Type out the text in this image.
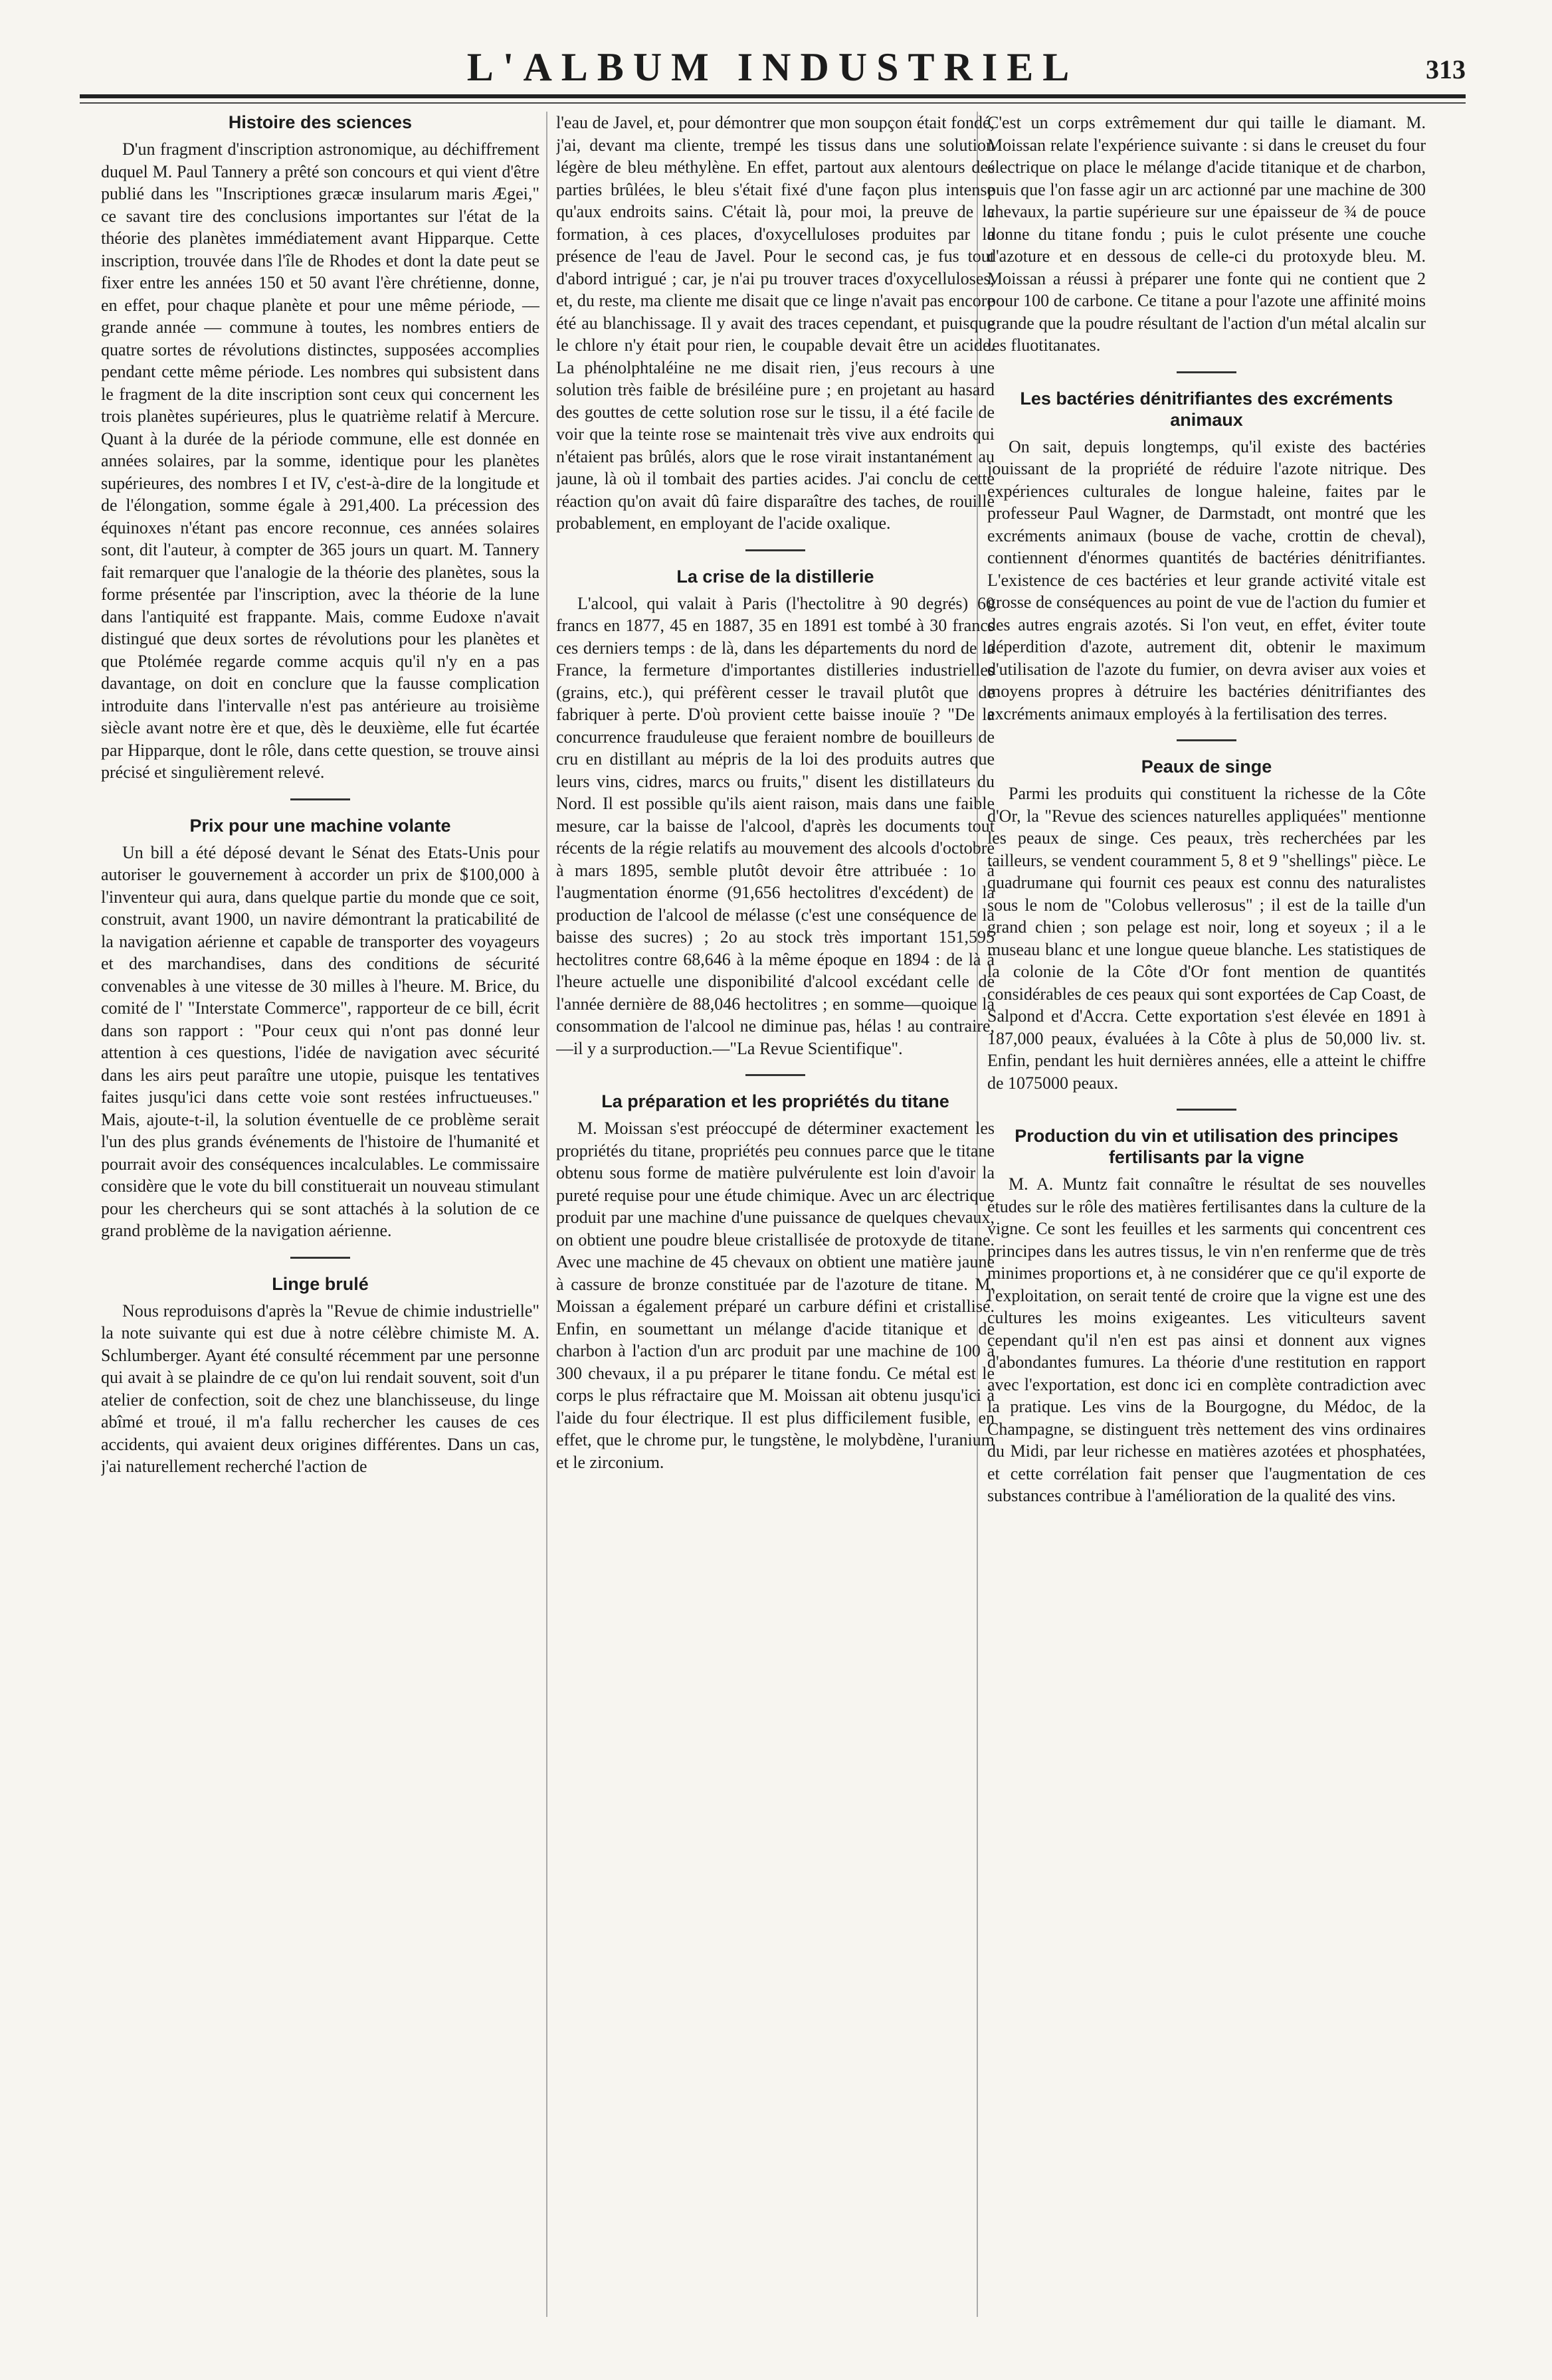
L'ALBUM INDUSTRIEL	313
Histoire des sciences

D'un fragment d'inscription astronomique, au déchiffrement duquel M. Paul Tannery a prêté son concours et qui vient d'être publié dans les "Inscriptiones græcæ insularum maris Ægei," ce savant tire des conclusions importantes sur l'état de la théorie des planètes immédiatement avant Hipparque. Cette inscription, trouvée dans l'île de Rhodes et dont la date peut se fixer entre les années 150 et 50 avant l'ère chrétienne, donne, en effet, pour chaque planète et pour une même période, — grande année — commune à toutes, les nombres entiers de quatre sortes de révolutions distinctes, supposées accomplies pendant cette même période. Les nombres qui subsistent dans le fragment de la dite inscription sont ceux qui concernent les trois planètes supérieures, plus le quatrième relatif à Mercure. Quant à la durée de la période commune, elle est donnée en années solaires, par la somme, identique pour les planètes supérieures, des nombres I et IV, c'est-à-dire de la longitude et de l'élongation, somme égale à 291,400. La précession des équinoxes n'étant pas encore reconnue, ces années solaires sont, dit l'auteur, à compter de 365 jours un quart. M. Tannery fait remarquer que l'analogie de la théorie des planètes, sous la forme présentée par l'inscription, avec la théorie de la lune dans l'antiquité est frappante. Mais, comme Eudoxe n'avait distingué que deux sortes de révolutions pour les planètes et que Ptolémée regarde comme acquis qu'il n'y en a pas davantage, on doit en conclure que la fausse complication introduite dans l'intervalle n'est pas antérieure au troisième siècle avant notre ère et que, dès le deuxième, elle fut écartée par Hipparque, dont le rôle, dans cette question, se trouve ainsi précisé et singulièrement relevé.

Prix pour une machine volante

Un bill a été déposé devant le Sénat des Etats-Unis pour autoriser le gouvernement à accorder un prix de $100,000 à l'inventeur qui aura, dans quelque partie du monde que ce soit, construit, avant 1900, un navire démontrant la praticabilité de la navigation aérienne et capable de transporter des voyageurs et des marchandises, dans des conditions de sécurité convenables à une vitesse de 30 milles à l'heure. M. Brice, du comité de l' "Interstate Commerce", rapporteur de ce bill, écrit dans son rapport : "Pour ceux qui n'ont pas donné leur attention à ces questions, l'idée de navigation avec sécurité dans les airs peut paraître une utopie, puisque les tentatives faites jusqu'ici dans cette voie sont restées infructueuses." Mais, ajoute-t-il, la solution éventuelle de ce problème serait l'un des plus grands événements de l'histoire de l'humanité et pourrait avoir des conséquences incalculables. Le commissaire considère que le vote du bill constituerait un nouveau stimulant pour les chercheurs qui se sont attachés à la solution de ce grand problème de la navigation aérienne.

Linge brulé

Nous reproduisons d'après la "Revue de chimie industrielle" la note suivante qui est due à notre célèbre chimiste M. A. Schlumberger. Ayant été consulté récemment par une personne qui avait à se plaindre de ce qu'on lui rendait souvent, soit d'un atelier de confection, soit de chez une blanchisseuse, du linge abîmé et troué, il m'a fallu rechercher les causes de ces accidents, qui avaient deux origines différentes. Dans un cas, j'ai naturellement recherché l'action de

l'eau de Javel, et, pour démontrer que mon soupçon était fondé, j'ai, devant ma cliente, trempé les tissus dans une solution légère de bleu méthylène. En effet, partout aux alentours des parties brûlées, le bleu s'était fixé d'une façon plus intense qu'aux endroits sains. C'était là, pour moi, la preuve de la formation, à ces places, d'oxycelluloses produites par la présence de l'eau de Javel. Pour le second cas, je fus tout d'abord intrigué ; car, je n'ai pu trouver traces d'oxycelluloses, et, du reste, ma cliente me disait que ce linge n'avait pas encore été au blanchissage. Il y avait des traces cependant, et puisque le chlore n'y était pour rien, le coupable devait être un acide. La phénolphtaléine ne me disait rien, j'eus recours à une solution très faible de brésiléine pure ; en projetant au hasard des gouttes de cette solution rose sur le tissu, il a été facile de voir que la teinte rose se maintenait très vive aux endroits qui n'étaient pas brûlés, alors que le rose virait instantanément au jaune, là où il tombait des parties acides. J'ai conclu de cette réaction qu'on avait dû faire disparaître des taches, de rouille probablement, en employant de l'acide oxalique.

La crise de la distillerie

L'alcool, qui valait à Paris (l'hectolitre à 90 degrés) 60 francs en 1877, 45 en 1887, 35 en 1891 est tombé à 30 francs ces derniers temps : de là, dans les départements du nord de la France, la fermeture d'importantes distilleries industrielles (grains, etc.), qui préfèrent cesser le travail plutôt que de fabriquer à perte. D'où provient cette baisse inouïe ? "De la concurrence frauduleuse que feraient nombre de bouilleurs de cru en distillant au mépris de la loi des produits autres que leurs vins, cidres, marcs ou fruits," disent les distillateurs du Nord. Il est possible qu'ils aient raison, mais dans une faible mesure, car la baisse de l'alcool, d'après les documents tout récents de la régie relatifs au mouvement des alcools d'octobre à mars 1895, semble plutôt devoir être attribuée : 1o à l'augmentation énorme (91,656 hectolitres d'excédent) de la production de l'alcool de mélasse (c'est une conséquence de la baisse des sucres) ; 2o au stock très important 151,595 hectolitres contre 68,646 à la même époque en 1894 : de là à l'heure actuelle une disponibilité d'alcool excédant celle de l'année dernière de 88,046 hectolitres ; en somme—quoique la consommation de l'alcool ne diminue pas, hélas ! au contraire,—il y a surproduction.—"La Revue Scientifique".

La préparation et les propriétés du titane

M. Moissan s'est préoccupé de déterminer exactement les propriétés du titane, propriétés peu connues parce que le titane obtenu sous forme de matière pulvérulente est loin d'avoir la pureté requise pour une étude chimique. Avec un arc électrique produit par une machine d'une puissance de quelques chevaux, on obtient une poudre bleue cristallisée de protoxyde de titane. Avec une machine de 45 chevaux on obtient une matière jaune à cassure de bronze constituée par de l'azoture de titane. M. Moissan a également préparé un carbure défini et cristallisé. Enfin, en soumettant un mélange d'acide titanique et de charbon à l'action d'un arc produit par une machine de 100 à 300 chevaux, il a pu préparer le titane fondu. Ce métal est le corps le plus réfractaire que M. Moissan ait obtenu jusqu'ici à l'aide du four électrique. Il est plus difficilement fusible, en effet, que le chrome pur, le tungstène, le molybdène, l'uranium et le zirconium.

C'est un corps extrêmement dur qui taille le diamant. M. Moissan relate l'expérience suivante : si dans le creuset du four électrique on place le mélange d'acide titanique et de charbon, puis que l'on fasse agir un arc actionné par une machine de 300 chevaux, la partie supérieure sur une épaisseur de ¾ de pouce donne du titane fondu ; puis le culot présente une couche d'azoture et en dessous de celle-ci du protoxyde bleu. M. Moissan a réussi à préparer une fonte qui ne contient que 2 pour 100 de carbone. Ce titane a pour l'azote une affinité moins grande que la poudre résultant de l'action d'un métal alcalin sur les fluotitanates.

Les bactéries dénitrifiantes des excréments animaux

On sait, depuis longtemps, qu'il existe des bactéries jouissant de la propriété de réduire l'azote nitrique. Des expériences culturales de longue haleine, faites par le professeur Paul Wagner, de Darmstadt, ont montré que les excréments animaux (bouse de vache, crottin de cheval), contiennent d'énormes quantités de bactéries dénitrifiantes. L'existence de ces bactéries et leur grande activité vitale est grosse de conséquences au point de vue de l'action du fumier et des autres engrais azotés. Si l'on veut, en effet, éviter toute déperdition d'azote, autrement dit, obtenir le maximum d'utilisation de l'azote du fumier, on devra aviser aux voies et moyens propres à détruire les bactéries dénitrifiantes des excréments animaux employés à la fertilisation des terres.

Peaux de singe

Parmi les produits qui constituent la richesse de la Côte d'Or, la "Revue des sciences naturelles appliquées" mentionne les peaux de singe. Ces peaux, très recherchées par les tailleurs, se vendent couramment 5, 8 et 9 "shellings" pièce. Le quadrumane qui fournit ces peaux est connu des naturalistes sous le nom de "Colobus vellerosus" ; il est de la taille d'un grand chien ; son pelage est noir, long et soyeux ; il a le museau blanc et une longue queue blanche. Les statistiques de la colonie de la Côte d'Or font mention de quantités considérables de ces peaux qui sont exportées de Cap Coast, de Salpond et d'Accra. Cette exportation s'est élevée en 1891 à 187,000 peaux, évaluées à la Côte à plus de 50,000 liv. st. Enfin, pendant les huit dernières années, elle a atteint le chiffre de 1075000 peaux.

Production du vin et utilisation des principes fertilisants par la vigne

M. A. Muntz fait connaître le résultat de ses nouvelles études sur le rôle des matières fertilisantes dans la culture de la vigne. Ce sont les feuilles et les sarments qui concentrent ces principes dans les autres tissus, le vin n'en renferme que de très minimes proportions et, à ne considérer que ce qu'il exporte de l'exploitation, on serait tenté de croire que la vigne est une des cultures les moins exigeantes. Les viticulteurs savent cependant qu'il n'en est pas ainsi et donnent aux vignes d'abondantes fumures. La théorie d'une restitution en rapport avec l'exportation, est donc ici en complète contradiction avec la pratique. Les vins de la Bourgogne, du Médoc, de la Champagne, se distinguent très nettement des vins ordinaires du Midi, par leur richesse en matières azotées et phosphatées, et cette corrélation fait penser que l'augmentation de ces substances contribue à l'amélioration de la qualité des vins.
